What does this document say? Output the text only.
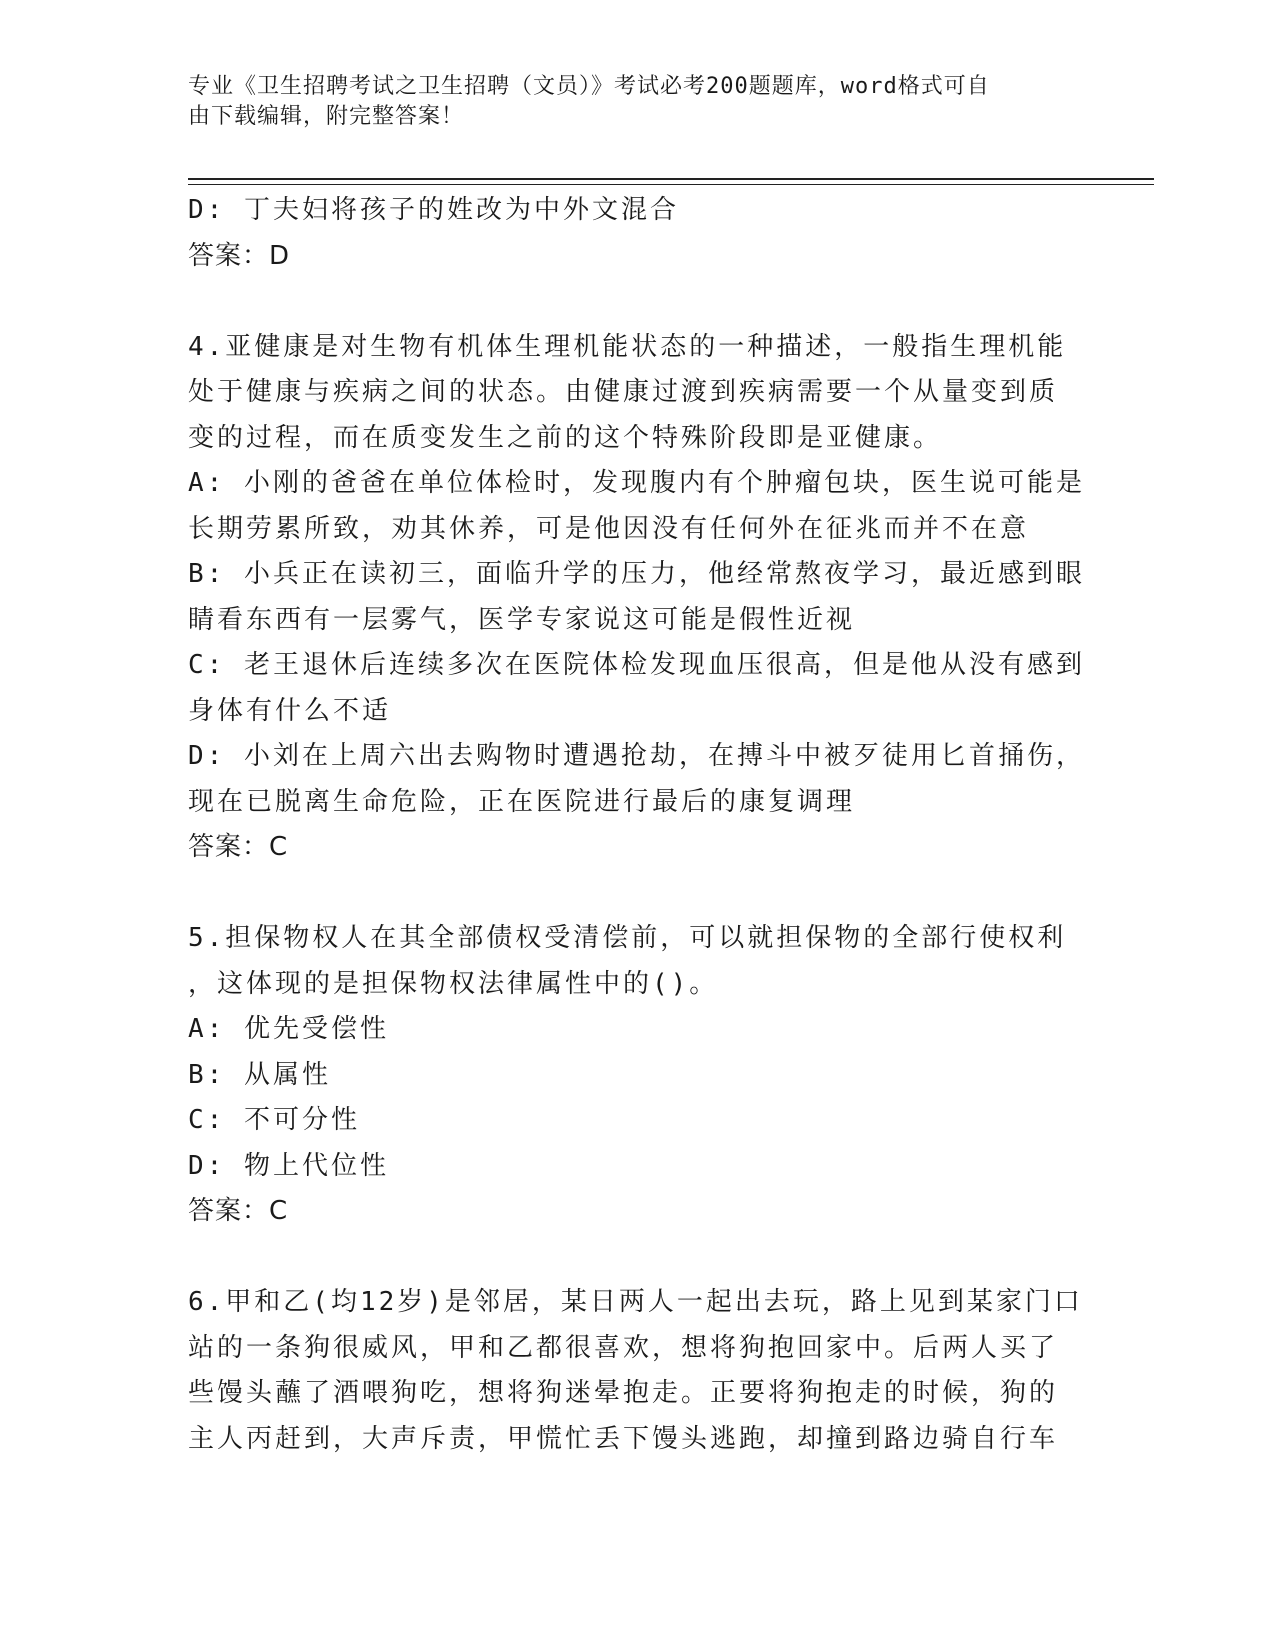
专业《卫生招聘考试之卫生招聘（文员）》考试必考200题题库，word格式可自
由下载编辑，附完整答案！
D: 丁夫妇将孩子的姓改为中外文混合
答案：D
4.亚健康是对生物有机体生理机能状态的一种描述，一般指生理机能
处于健康与疾病之间的状态。由健康过渡到疾病需要一个从量变到质
变的过程，而在质变发生之前的这个特殊阶段即是亚健康。
A: 小刚的爸爸在单位体检时，发现腹内有个肿瘤包块，医生说可能是
长期劳累所致，劝其休养，可是他因没有任何外在征兆而并不在意
B: 小兵正在读初三，面临升学的压力，他经常熬夜学习，最近感到眼
睛看东西有一层雾气，医学专家说这可能是假性近视
C: 老王退休后连续多次在医院体检发现血压很高，但是他从没有感到
身体有什么不适
D: 小刘在上周六出去购物时遭遇抢劫，在搏斗中被歹徒用匕首捅伤，
现在已脱离生命危险，正在医院进行最后的康复调理
答案：C
5.担保物权人在其全部债权受清偿前，可以就担保物的全部行使权利
，这体现的是担保物权法律属性中的()。
A: 优先受偿性
B: 从属性
C: 不可分性
D: 物上代位性
答案：C
6.甲和乙(均12岁)是邻居，某日两人一起出去玩，路上见到某家门口
站的一条狗很威风，甲和乙都很喜欢，想将狗抱回家中。后两人买了
些馒头蘸了酒喂狗吃，想将狗迷晕抱走。正要将狗抱走的时候，狗的
主人丙赶到，大声斥责，甲慌忙丢下馒头逃跑，却撞到路边骑自行车
